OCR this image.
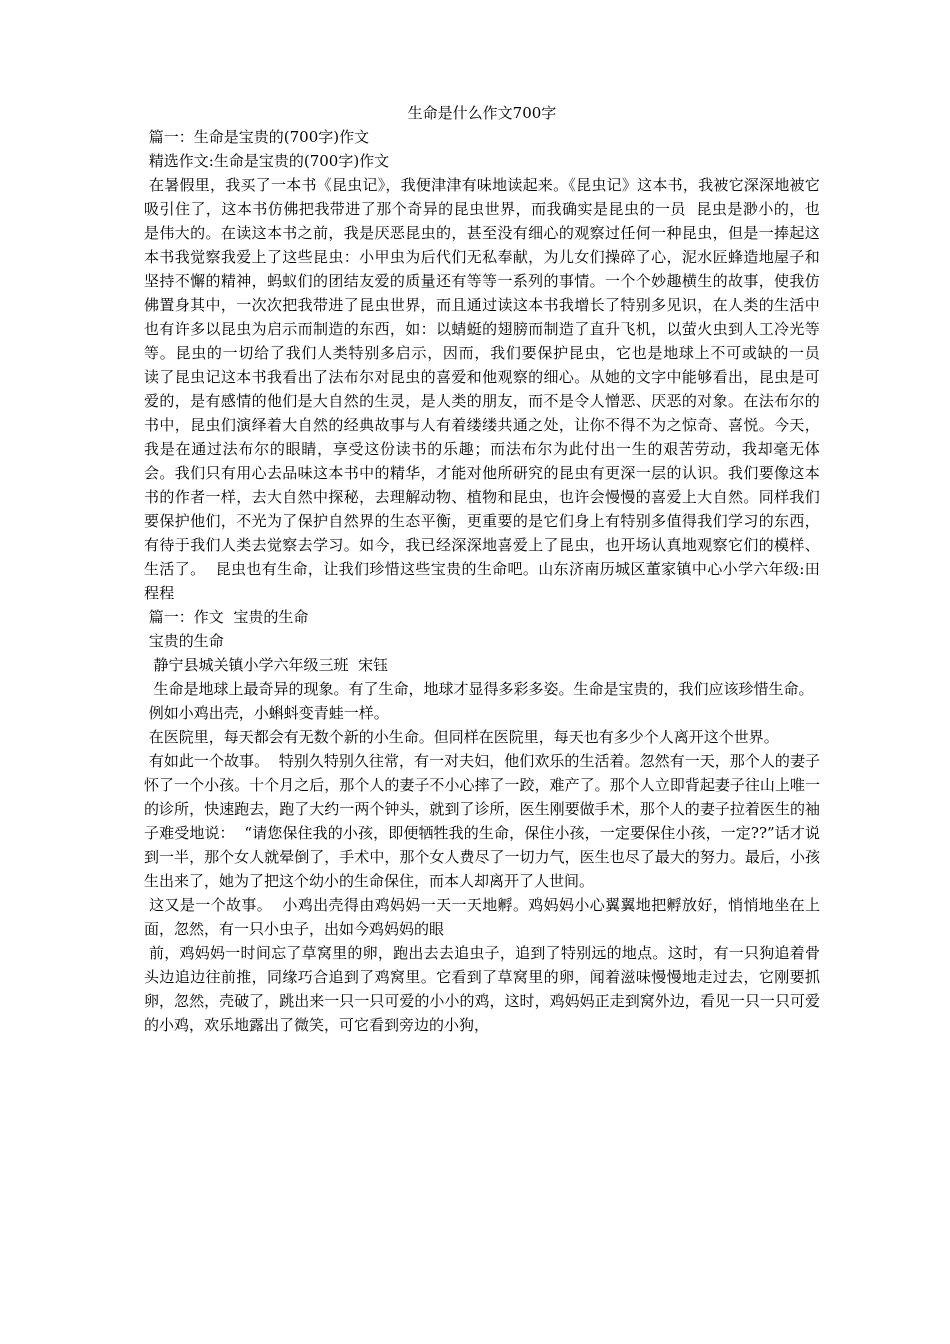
生命是什么作文700字

篇一：生命是宝贵的(700字)作文

精选作文:生命是宝贵的(700字)作文

在暑假里，我买了一本书《昆虫记》，我便津津有味地读起来。《昆虫记》这本书，我被它深深地被它吸引住了，这本书仿佛把我带进了那个奇异的昆虫世界，而我确实是昆虫的一员  昆虫是渺小的，也是伟大的。在读这本书之前，我是厌恶昆虫的，甚至没有细心的观察过任何一种昆虫，但是一捧起这本书我觉察我爱上了这些昆虫：小甲虫为后代们无私奉献，为儿女们操碎了心，泥水匠蜂造地屋子和坚持不懈的精神，蚂蚁们的团结友爱的质量还有等等一系列的事情。一个个妙趣横生的故事，使我仿佛置身其中，一次次把我带进了昆虫世界，而且通过读这本书我增长了特别多见识，在人类的生活中也有许多以昆虫为启示而制造的东西，如：以蜻蜓的翅膀而制造了直升飞机，以萤火虫到人工冷光等等。昆虫的一切给了我们人类特别多启示，因而，我们要保护昆虫，它也是地球上不可或缺的一员  读了昆虫记这本书我看出了法布尔对昆虫的喜爱和他观察的细心。从她的文字中能够看出，昆虫是可爱的，是有感情的他们是大自然的生灵，是人类的朋友，而不是令人憎恶、厌恶的对象。在法布尔的书中，昆虫们演绎着大自然的经典故事与人有着缕缕共通之处，让你不得不为之惊奇、喜悦。今天，我是在通过法布尔的眼睛，享受这份读书的乐趣；而法布尔为此付出一生的艰苦劳动，我却毫无体会。我们只有用心去品味这本书中的精华，才能对他所研究的昆虫有更深一层的认识。我们要像这本书的作者一样，去大自然中探秘，去理解动物、植物和昆虫，也许会慢慢的喜爱上大自然。同样我们要保护他们，不光为了保护自然界的生态平衡，更重要的是它们身上有特别多值得我们学习的东西，有待于我们人类去觉察去学习。如今，我已经深深地喜爱上了昆虫，也开场认真地观察它们的模样、生活了。  昆虫也有生命，让我们珍惜这些宝贵的生命吧。山东济南历城区董家镇中心小学六年级:田程程

篇一：作文  宝贵的生命

宝贵的生命

静宁县城关镇小学六年级三班  宋钰

生命是地球上最奇异的现象。有了生命，地球才显得多彩多姿。生命是宝贵的，我们应该珍惜生命。

例如小鸡出壳，小蝌蚪变青蛙一样。

在医院里，每天都会有无数个新的小生命。但同样在医院里，每天也有多少个人离开这个世界。

有如此一个故事。  特别久特别久往常，有一对夫妇，他们欢乐的生活着。忽然有一天，那个人的妻子怀了一个小孩。十个月之后，那个人的妻子不小心摔了一跤，难产了。那个人立即背起妻子往山上唯一的诊所，快速跑去，跑了大约一两个钟头，就到了诊所，医生刚要做手术，那个人的妻子拉着医生的袖子难受地说：  “请您保住我的小孩，即便牺牲我的生命，保住小孩，一定要保住小孩，一定??”话才说到一半，那个女人就晕倒了，手术中，那个女人费尽了一切力气，医生也尽了最大的努力。最后，小孩生出来了，她为了把这个幼小的生命保住，而本人却离开了人世间。

这又是一个故事。  小鸡出壳得由鸡妈妈一天一天地孵。鸡妈妈小心翼翼地把孵放好，悄悄地坐在上面，忽然，有一只小虫子，出如今鸡妈妈的眼

前，鸡妈妈一时间忘了草窝里的卵，跑出去去追虫子，追到了特别远的地点。这时，有一只狗追着骨头边追边往前推，同缘巧合追到了鸡窝里。它看到了草窝里的卵，闻着滋味慢慢地走过去，它刚要抓卵，忽然，壳破了，跳出来一只一只可爱的小小的鸡，这时，鸡妈妈正走到窝外边，看见一只一只可爱的小鸡，欢乐地露出了微笑，可它看到旁边的小狗，
